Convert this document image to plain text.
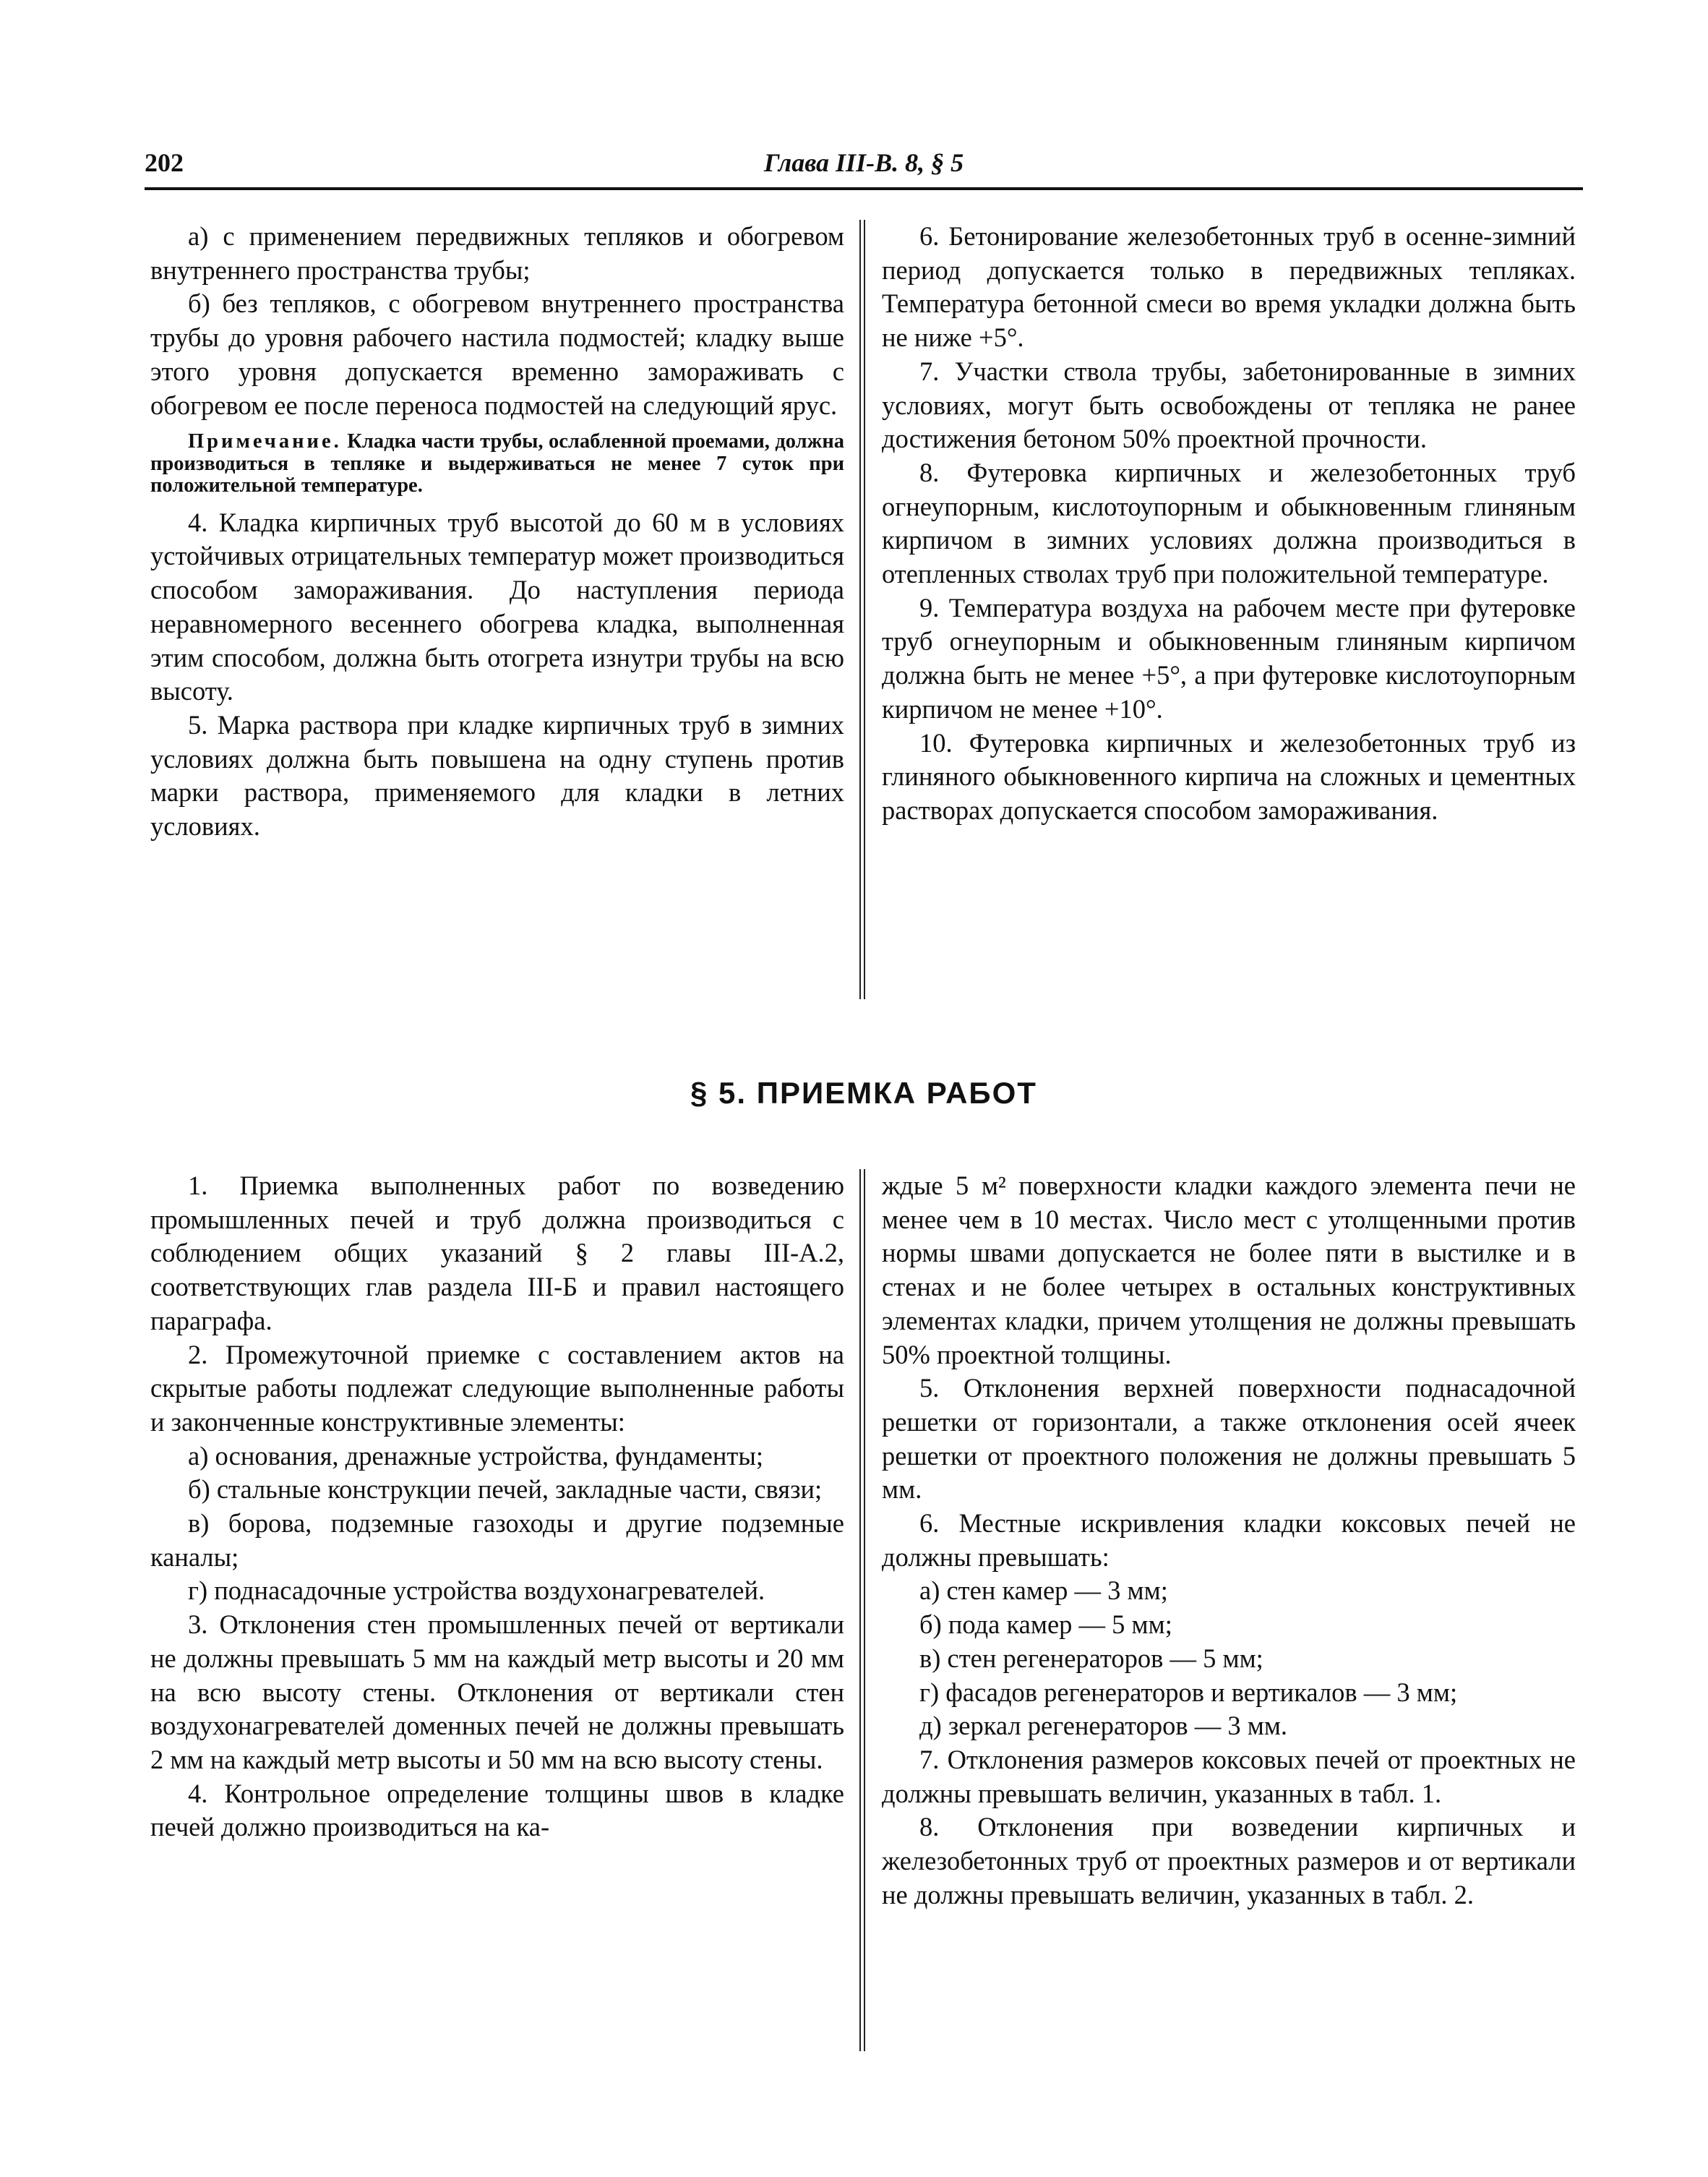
202	Глава III-В. 8, § 5

а) с применением передвижных тепляков и обогревом внутреннего пространства трубы;

б) без тепляков, с обогревом внутреннего пространства трубы до уровня рабочего настила подмостей; кладку выше этого уровня допускается временно замораживать с обогревом ее после переноса подмостей на следующий ярус.

Примечание. Кладка части трубы, ослабленной проемами, должна производиться в тепляке и выдерживаться не менее 7 суток при положительной температуре.

4. Кладка кирпичных труб высотой до 60 м в условиях устойчивых отрицательных температур может производиться способом замораживания. До наступления периода неравномерного весеннего обогрева кладка, выполненная этим способом, должна быть отогрета изнутри трубы на всю высоту.

5. Марка раствора при кладке кирпичных труб в зимних условиях должна быть повышена на одну ступень против марки раствора, применяемого для кладки в летних условиях.

6. Бетонирование железобетонных труб в осенне-зимний период допускается только в передвижных тепляках. Температура бетонной смеси во время укладки должна быть не ниже +5°.

7. Участки ствола трубы, забетонированные в зимних условиях, могут быть освобождены от тепляка не ранее достижения бетоном 50% проектной прочности.

8. Футеровка кирпичных и железобетонных труб огнеупорным, кислотоупорным и обыкновенным глиняным кирпичом в зимних условиях должна производиться в отепленных стволах труб при положительной температуре.

9. Температура воздуха на рабочем месте при футеровке труб огнеупорным и обыкновенным глиняным кирпичом должна быть не менее +5°, а при футеровке кислотоупорным кирпичом не менее +10°.

10. Футеровка кирпичных и железобетонных труб из глиняного обыкновенного кирпича на сложных и цементных растворах допускается способом замораживания.

§ 5. ПРИЕМКА РАБОТ

1. Приемка выполненных работ по возведению промышленных печей и труб должна производиться с соблюдением общих указаний § 2 главы III-А.2, соответствующих глав раздела III-Б и правил настоящего параграфа.

2. Промежуточной приемке с составлением актов на скрытые работы подлежат следующие выполненные работы и законченные конструктивные элементы:

а) основания, дренажные устройства, фундаменты;

б) стальные конструкции печей, закладные части, связи;

в) борова, подземные газоходы и другие подземные каналы;

г) поднасадочные устройства воздухонагревателей.

3. Отклонения стен промышленных печей от вертикали не должны превышать 5 мм на каждый метр высоты и 20 мм на всю высоту стены. Отклонения от вертикали стен воздухонагревателей доменных печей не должны превышать 2 мм на каждый метр высоты и 50 мм на всю высоту стены.

4. Контрольное определение толщины швов в кладке печей должно производиться на ка-

ждые 5 м² поверхности кладки каждого элемента печи не менее чем в 10 местах. Число мест с утолщенными против нормы швами допускается не более пяти в выстилке и в стенах и не более четырех в остальных конструктивных элементах кладки, причем утолщения не должны превышать 50% проектной толщины.

5. Отклонения верхней поверхности поднасадочной решетки от горизонтали, а также отклонения осей ячеек решетки от проектного положения не должны превышать 5 мм.

6. Местные искривления кладки коксовых печей не должны превышать:

а) стен камер — 3 мм;

б) пода камер — 5 мм;

в) стен регенераторов — 5 мм;

г) фасадов регенераторов и вертикалов — 3 мм;

д) зеркал регенераторов — 3 мм.

7. Отклонения размеров коксовых печей от проектных не должны превышать величин, указанных в табл. 1.

8. Отклонения при возведении кирпичных и железобетонных труб от проектных размеров и от вертикали не должны превышать величин, указанных в табл. 2.
